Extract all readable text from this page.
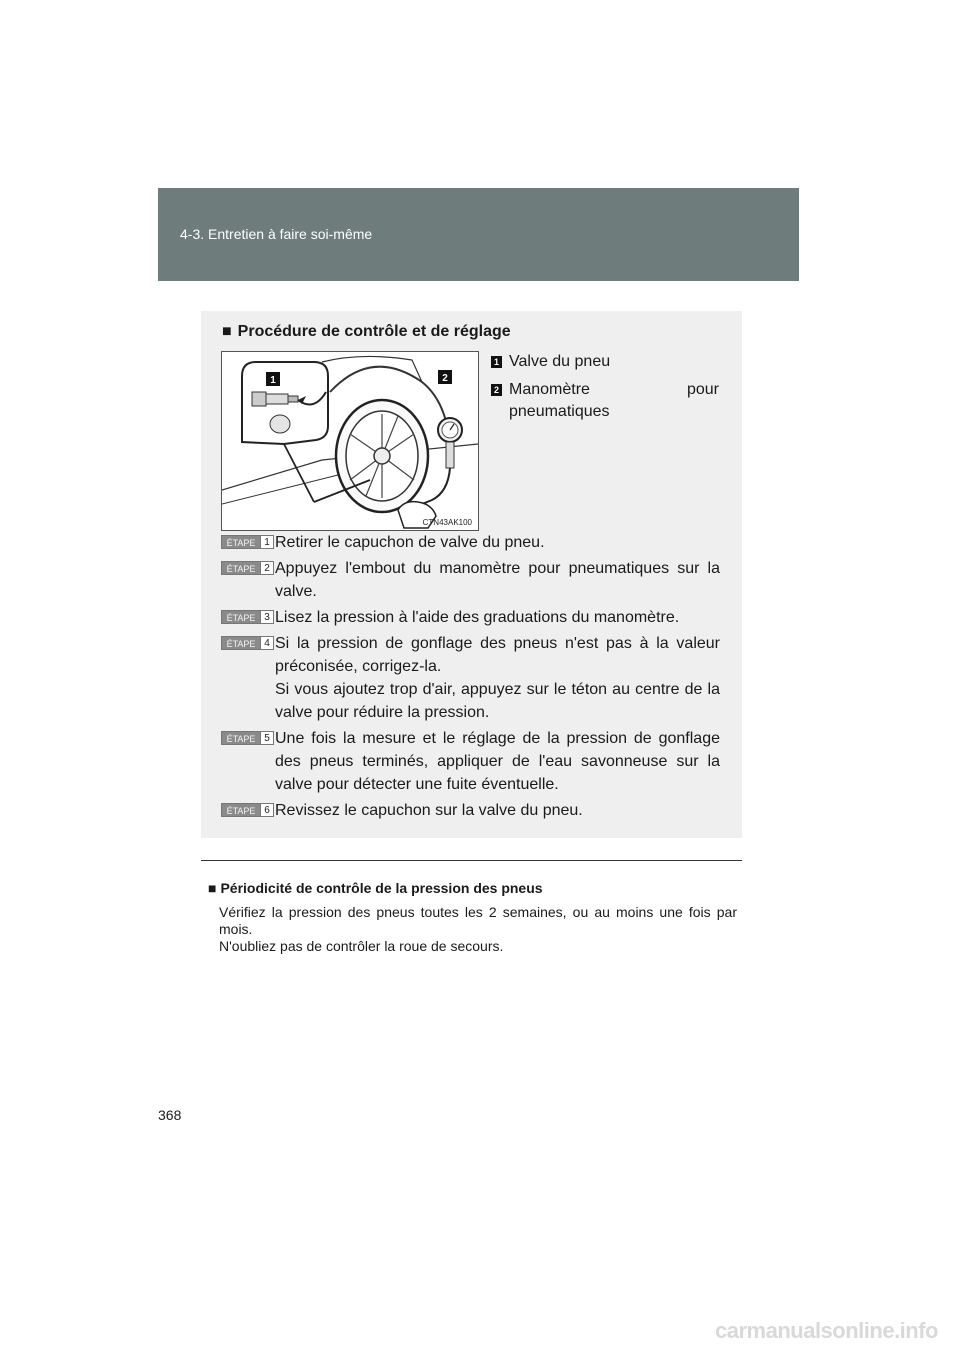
4-3. Entretien à faire soi-même
■ Procédure de contrôle et de réglage
1	2
CTN43AK100
1 Valve du pneu
2 Manomètre pour
pneumatiques
ÉTAPE 1 Retirer le capuchon de valve du pneu.
ÉTAPE 2 Appuyez l'embout du manomètre pour pneumatiques sur la valve.
ÉTAPE 3 Lisez la pression à l'aide des graduations du manomètre.
ÉTAPE 4 Si la pression de gonflage des pneus n'est pas à la valeur préconisée, corrigez-la.
Si vous ajoutez trop d'air, appuyez sur le téton au centre de la valve pour réduire la pression.
ÉTAPE 5 Une fois la mesure et le réglage de la pression de gonflage des pneus terminés, appliquer de l'eau savonneuse sur la valve pour détecter une fuite éventuelle.
ÉTAPE 6 Revissez le capuchon sur la valve du pneu.
■ Périodicité de contrôle de la pression des pneus

Vérifiez la pression des pneus toutes les 2 semaines, ou au moins une fois par mois.

N'oubliez pas de contrôler la roue de secours.

368
carmanualsonline.info
